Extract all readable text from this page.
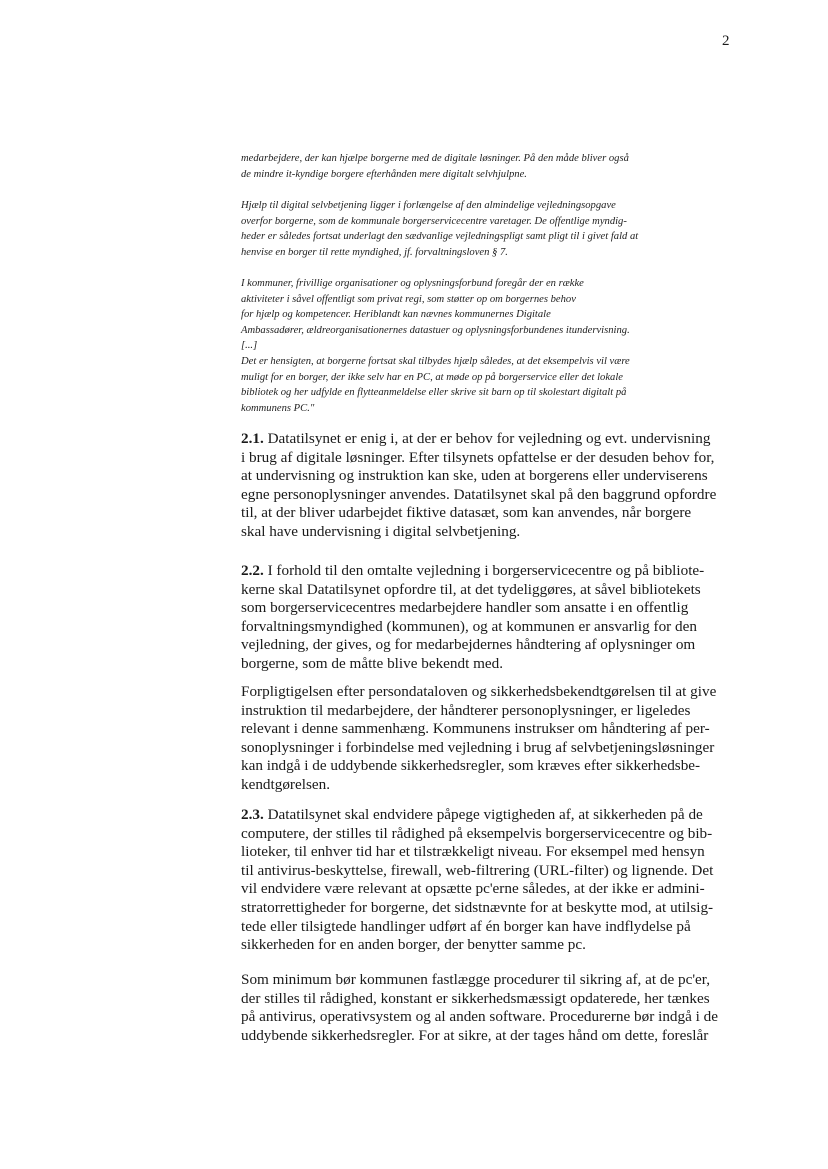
2
medarbejdere, der kan hjælpe borgerne med de digitale løsninger. På den måde bliver også
de mindre it-kyndige borgere efterhånden mere digitalt selvhjulpne.
Hjælp til digital selvbetjening ligger i forlængelse af den almindelige vejledningsopgave
overfor borgerne, som de kommunale borgerservicecentre varetager. De offentlige myndig-
heder er således fortsat underlagt den sædvanlige vejledningspligt samt pligt til i givet fald at
henvise en borger til rette myndighed, jf. forvaltningsloven § 7.
I kommuner, frivillige organisationer og oplysningsforbund foregår der en række
aktiviteter i såvel offentligt som privat regi, som støtter op om borgernes behov
for hjælp og kompetencer. Heriblandt kan nævnes kommunernes Digitale
Ambassadører, ældreorganisationernes datastuer og oplysningsforbundenes itundervisning.
[...]
Det er hensigten, at borgerne fortsat skal tilbydes hjælp således, at det eksempelvis vil være
muligt for en borger, der ikke selv har en PC, at møde op på borgerservice eller det lokale
bibliotek og her udfylde en flytteanmeldelse eller skrive sit barn op til skolestart digitalt på
kommunens PC."
2.1. Datatilsynet er enig i, at der er behov for vejledning og evt. undervisning
i brug af digitale løsninger. Efter tilsynets opfattelse er der desuden behov for,
at undervisning og instruktion kan ske, uden at borgerens eller underviserens
egne personoplysninger anvendes. Datatilsynet skal på den baggrund opfordre
til, at der bliver udarbejdet fiktive datasæt, som kan anvendes, når borgere
skal have undervisning i digital selvbetjening.
2.2. I forhold til den omtalte vejledning i borgerservicecentre og på bibliote-
kerne skal Datatilsynet opfordre til, at det tydeliggøres, at såvel bibliotekets
som borgerservicecentres medarbejdere handler som ansatte i en offentlig
forvaltningsmyndighed (kommunen), og at kommunen er ansvarlig for den
vejledning, der gives, og for medarbejdernes håndtering af oplysninger om
borgerne, som de måtte blive bekendt med.
Forpligtigelsen efter persondataloven og sikkerhedsbekendtgørelsen til at give
instruktion til medarbejdere, der håndterer personoplysninger, er ligeledes
relevant i denne sammenhæng. Kommunens instrukser om håndtering af per-
sonoplysninger i forbindelse med vejledning i brug af selvbetjeningsløsninger
kan indgå i de uddybende sikkerhedsregler, som kræves efter sikkerhedsbe-
kendtgørelsen.
2.3. Datatilsynet skal endvidere påpege vigtigheden af, at sikkerheden på de
computere, der stilles til rådighed på eksempelvis borgerservicecentre og bib-
lioteker, til enhver tid har et tilstrækkeligt niveau. For eksempel med hensyn
til antivirus-beskyttelse, firewall, web-filtrering (URL-filter) og lignende. Det
vil endvidere være relevant at opsætte pc'erne således, at der ikke er admini-
stratorrettigheder for borgerne, det sidstnævnte for at beskytte mod, at utilsig-
tede eller tilsigtede handlinger udført af én borger kan have indflydelse på
sikkerheden for en anden borger, der benytter samme pc.
Som minimum bør kommunen fastlægge procedurer til sikring af, at de pc'er,
der stilles til rådighed, konstant er sikkerhedsmæssigt opdaterede, her tænkes
på antivirus, operativsystem og al anden software. Procedurerne bør indgå i de
uddybende sikkerhedsregler. For at sikre, at der tages hånd om dette, foreslår
